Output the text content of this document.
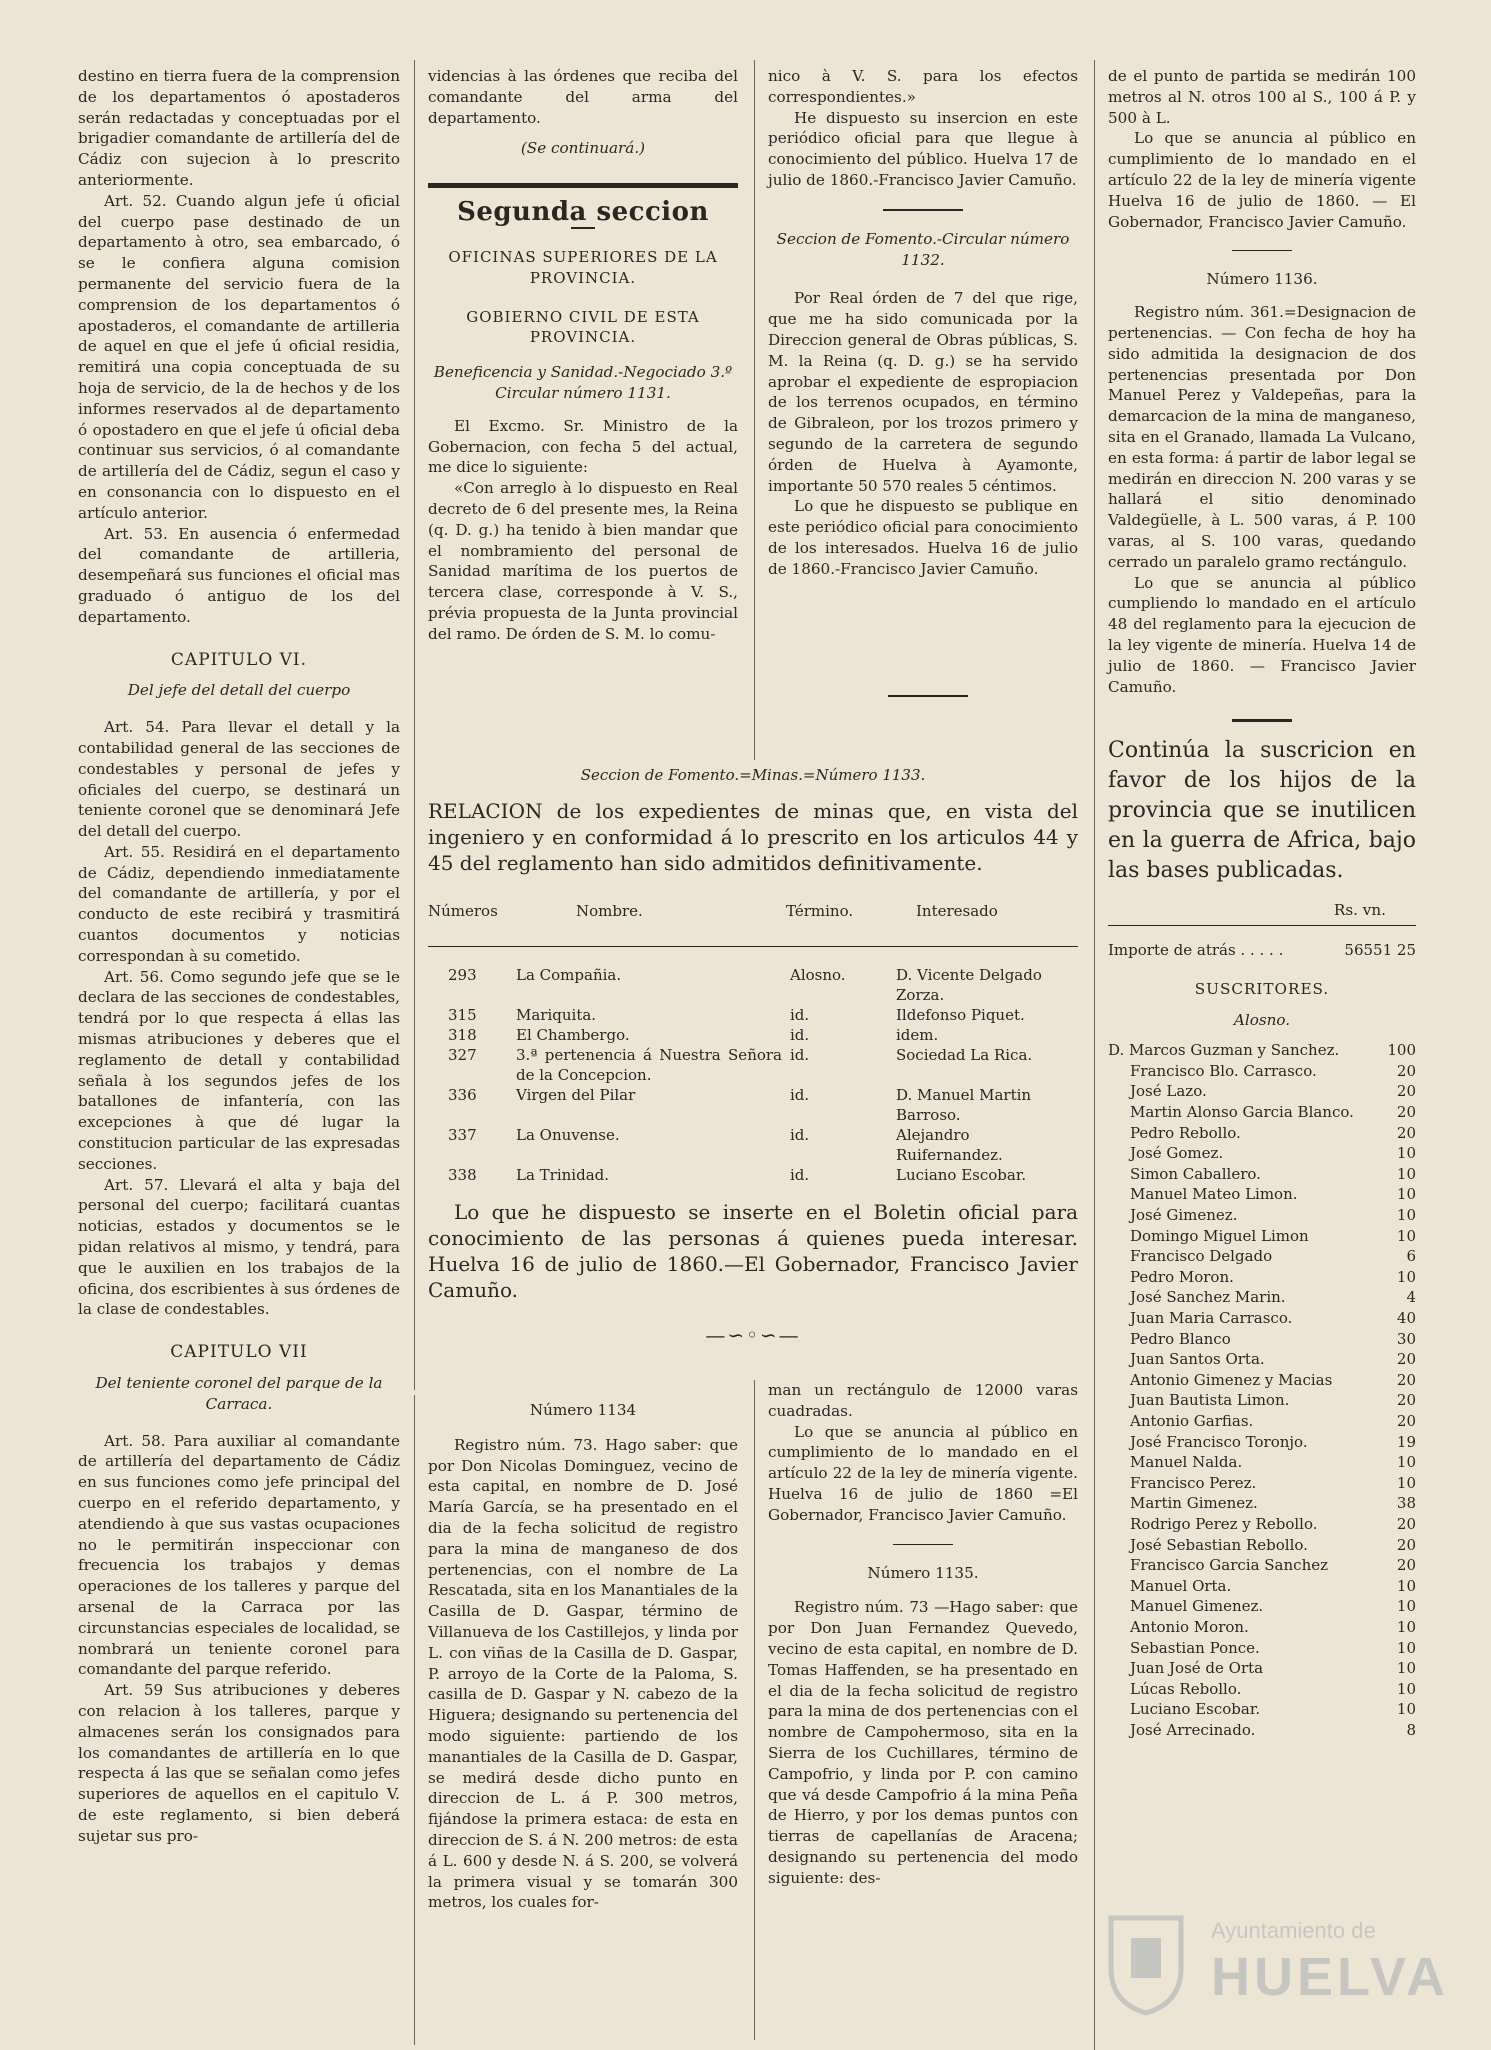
destino en tierra fuera de la comprension de los departamentos ó apostaderos serán redactadas y conceptuadas por el brigadier comandante de artillería del de Cádiz con sujecion à lo prescrito anteriormente.

Art. 52. Cuando algun jefe ú oficial del cuerpo pase destinado de un departamento à otro, sea embarcado, ó se le confiera alguna comision permanente del servicio fuera de la comprension de los departamentos ó apostaderos, el comandante de artilleria de aquel en que el jefe ú oficial residia, remitirá una copia conceptuada de su hoja de servicio, de la de hechos y de los informes reservados al de departamento ó opostadero en que el jefe ú oficial deba continuar sus servicios, ó al comandante de artillería del de Cádiz, segun el caso y en consonancia con lo dispuesto en el artículo anterior.

Art. 53. En ausencia ó enfermedad del comandante de artilleria, desempeñará sus funciones el oficial mas graduado ó antiguo de los del departamento.

CAPITULO VI.
Del jefe del detall del cuerpo

Art. 54. Para llevar el detall y la contabilidad general de las secciones de condestables y personal de jefes y oficiales del cuerpo, se destinará un teniente coronel que se denominará Jefe del detall del cuerpo.

Art. 55. Residirá en el departamento de Cádiz, dependiendo inmediatamente del comandante de artillería, y por el conducto de este recibirá y trasmitirá cuantos documentos y noticias correspondan à su cometido.

Art. 56. Como segundo jefe que se le declara de las secciones de condestables, tendrá por lo que respecta á ellas las mismas atribuciones y deberes que el reglamento de detall y contabilidad señala à los segundos jefes de los batallones de infantería, con las excepciones à que dé lugar la constitucion particular de las expresadas secciones.

Art. 57. Llevará el alta y baja del personal del cuerpo; facilitará cuantas noticias, estados y documentos se le pidan relativos al mismo, y tendrá, para que le auxilien en los trabajos de la oficina, dos escribientes à sus órdenes de la clase de condestables.

CAPITULO VII
Del teniente coronel del parque de la Carraca.

Art. 58. Para auxiliar al comandante de artillería del departamento de Cádiz en sus funciones como jefe principal del cuerpo en el referido departamento, y atendiendo à que sus vastas ocupaciones no le permitirán inspeccionar con frecuencia los trabajos y demas operaciones de los talleres y parque del arsenal de la Carraca por las circunstancias especiales de localidad, se nombrará un teniente coronel para comandante del parque referido.

Art. 59 Sus atribuciones y deberes con relacion à los talleres, parque y almacenes serán los consignados para los comandantes de artillería en lo que respecta á las que se señalan como jefes superiores de aquellos en el capitulo V. de este reglamento, si bien deberá sujetar sus pro-

videncias à las órdenes que reciba del comandante del arma del departamento.

(Se continuará.)

Segunda seccion
OFICINAS SUPERIORES DE LA PROVINCIA.
GOBIERNO CIVIL DE ESTA PROVINCIA.

Beneficencia y Sanidad.-Negociado 3.º Circular número 1131.

El Excmo. Sr. Ministro de la Gobernacion, con fecha 5 del actual, me dice lo siguiente:

«Con arreglo à lo dispuesto en Real decreto de 6 del presente mes, la Reina (q. D. g.) ha tenido à bien mandar que el nombramiento del personal de Sanidad marítima de los puertos de tercera clase, corresponde à V. S., prévia propuesta de la Junta provincial del ramo. De órden de S. M. lo comu-

nico à V. S. para los efectos correspondientes.»

He dispuesto su insercion en este periódico oficial para que llegue à conocimiento del público. Huelva 17 de julio de 1860.-Francisco Javier Camuño.

Seccion de Fomento.-Circular número 1132.

Por Real órden de 7 del que rige, que me ha sido comunicada por la Direccion general de Obras públicas, S. M. la Reina (q. D. g.) se ha servido aprobar el expediente de espropiacion de los terrenos ocupados, en término de Gibraleon, por los trozos primero y segundo de la carretera de segundo órden de Huelva à Ayamonte, importante 50 570 reales 5 céntimos.

Lo que he dispuesto se publique en este periódico oficial para conocimiento de los interesados. Huelva 16 de julio de 1860.-Francisco Javier Camuño.

de el punto de partida se medirán 100 metros al N. otros 100 al S., 100 á P. y 500 à L.

Lo que se anuncia al público en cumplimiento de lo mandado en el artículo 22 de la ley de minería vigente Huelva 16 de julio de 1860. — El Gobernador, Francisco Javier Camuño.

Número 1136.

Registro núm. 361.=Designacion de pertenencias. — Con fecha de hoy ha sido admitida la designacion de dos pertenencias presentada por Don Manuel Perez y Valdepeñas, para la demarcacion de la mina de manganeso, sita en el Granado, llamada La Vulcano, en esta forma: á partir de labor legal se medirán en direccion N. 200 varas y se hallará el sitio denominado Valdegüelle, à L. 500 varas, á P. 100 varas, al S. 100 varas, quedando cerrado un paralelo gramo rectángulo.

Lo que se anuncia al público cumpliendo lo mandado en el artículo 48 del reglamento para la ejecucion de la ley vigente de minería. Huelva 14 de julio de 1860. — Francisco Javier Camuño.

Continúa la suscricion en favor de los hijos de la provincia que se inutilicen en la guerra de Africa, bajo las bases publicadas.
Rs. vn.
Importe de atrás . . . . .	56551 25
SUSCRITORES.
Alosno.
D. Marcos Guzman y Sanchez.	100
Francisco Blo. Carrasco.	20
José Lazo.	20
Martin Alonso Garcia Blanco.	20
Pedro Rebollo.	20
José Gomez.	10
Simon Caballero.	10
Manuel Mateo Limon.	10
José Gimenez.	10
Domingo Miguel Limon	10
Francisco Delgado	6
Pedro Moron.	10
José Sanchez Marin.	4
Juan Maria Carrasco.	40
Pedro Blanco	30
Juan Santos Orta.	20
Antonio Gimenez y Macias	20
Juan Bautista Limon.	20
Antonio Garfias.	20
José Francisco Toronjo.	19
Manuel Nalda.	10
Francisco Perez.	10
Martin Gimenez.	38
Rodrigo Perez y Rebollo.	20
José Sebastian Rebollo.	20
Francisco Garcia Sanchez	20
Manuel Orta.	10
Manuel Gimenez.	10
Antonio Moron.	10
Sebastian Ponce.	10
Juan José de Orta	10
Lúcas Rebollo.	10
Luciano Escobar.	10
José Arrecinado.	8

Seccion de Fomento.=Minas.=Número 1133.

RELACION de los expedientes de minas que, en vista del ingeniero y en conformidad á lo prescrito en los articulos 44 y 45 del reglamento han sido admitidos definitivamente.
Números	Nombre.	Término.	Interesado

293	La Compañia.	Alosno.	D. Vicente Delgado Zorza.
315	Mariquita.	id.	Ildefonso Piquet.
318	El Chambergo.	id.	idem.
327	3.ª pertenencia á Nuestra Señora de la Concepcion.	id.	Sociedad La Rica.
336	Virgen del Pilar	id.	D. Manuel Martin Barroso.
337	La Onuvense.	id.	Alejandro Ruifernandez.
338	La Trinidad.	id.	Luciano Escobar.

Lo que he dispuesto se inserte en el Boletin oficial para conocimiento de las personas á quienes pueda interesar. Huelva 16 de julio de 1860.—El Gobernador, Francisco Javier Camuño.

—∽◦∽—

Número 1134

Registro núm. 73. Hago saber: que por Don Nicolas Dominguez, vecino de esta capital, en nombre de D. José María García, se ha presentado en el dia de la fecha solicitud de registro para la mina de manganeso de dos pertenencias, con el nombre de La Rescatada, sita en los Manantiales de la Casilla de D. Gaspar, término de Villanueva de los Castillejos, y linda por L. con viñas de la Casilla de D. Gaspar, P. arroyo de la Corte de la Paloma, S. casilla de D. Gaspar y N. cabezo de la Higuera; designando su pertenencia del modo siguiente: partiendo de los manantiales de la Casilla de D. Gaspar, se medirá desde dicho punto en direccion de L. á P. 300 metros, fijándose la primera estaca: de esta en direccion de S. á N. 200 metros: de esta á L. 600 y desde N. á S. 200, se volverá la primera visual y se tomarán 300 metros, los cuales for-

man un rectángulo de 12000 varas cuadradas.

Lo que se anuncia al público en cumplimiento de lo mandado en el artículo 22 de la ley de minería vigente. Huelva 16 de julio de 1860 =El Gobernador, Francisco Javier Camuño.

Número 1135.

Registro núm. 73 —Hago saber: que por Don Juan Fernandez Quevedo, vecino de esta capital, en nombre de D. Tomas Haffenden, se ha presentado en el dia de la fecha solicitud de registro para la mina de dos pertenencias con el nombre de Campohermoso, sita en la Sierra de los Cuchillares, término de Campofrio, y linda por P. con camino que vá desde Campofrio á la mina Peña de Hierro, y por los demas puntos con tierras de capellanías de Aracena; designando su pertenencia del modo siguiente: des-

Ayuntamiento de
HUELVA
